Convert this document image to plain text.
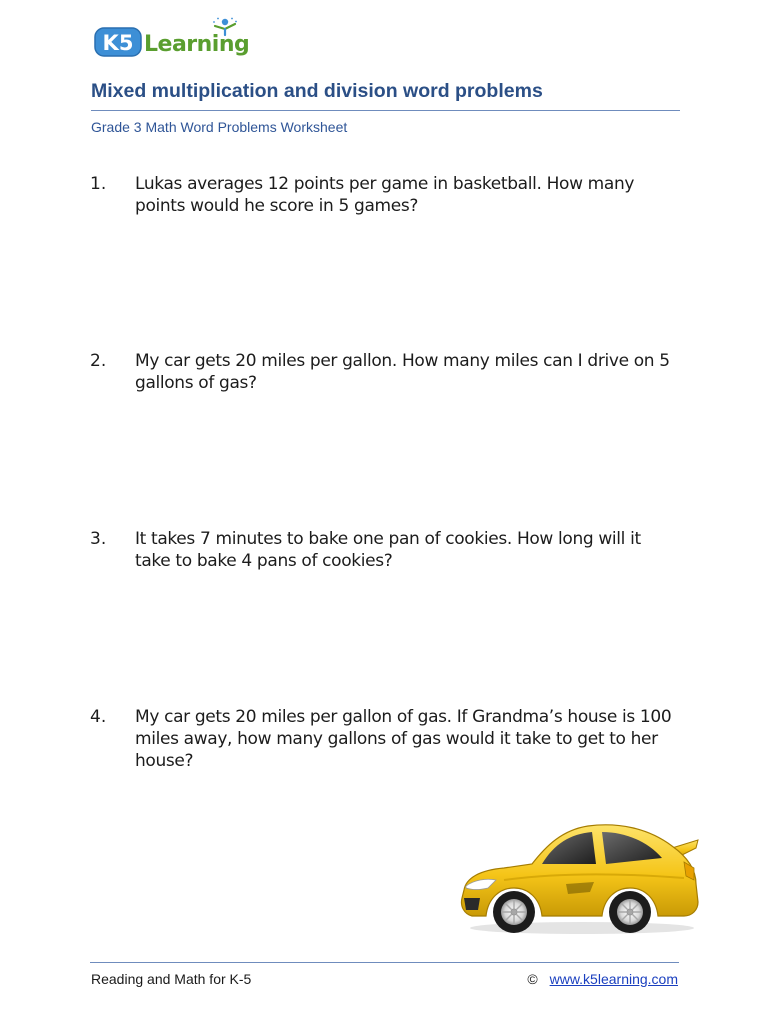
K5 Learning
Mixed multiplication and division word problems
Grade 3 Math Word Problems Worksheet
1. Lukas averages 12 points per game in basketball. How many points would he score in 5 games?
2. My car gets 20 miles per gallon. How many miles can I drive on 5 gallons of gas?
3. It takes 7 minutes to bake one pan of cookies. How long will it take to bake 4 pans of cookies?
4. My car gets 20 miles per gallon of gas. If Grandma’s house is 100 miles away, how many gallons of gas would it take to get to her house?
Reading and Math for K-5	© www.k5learning.com
